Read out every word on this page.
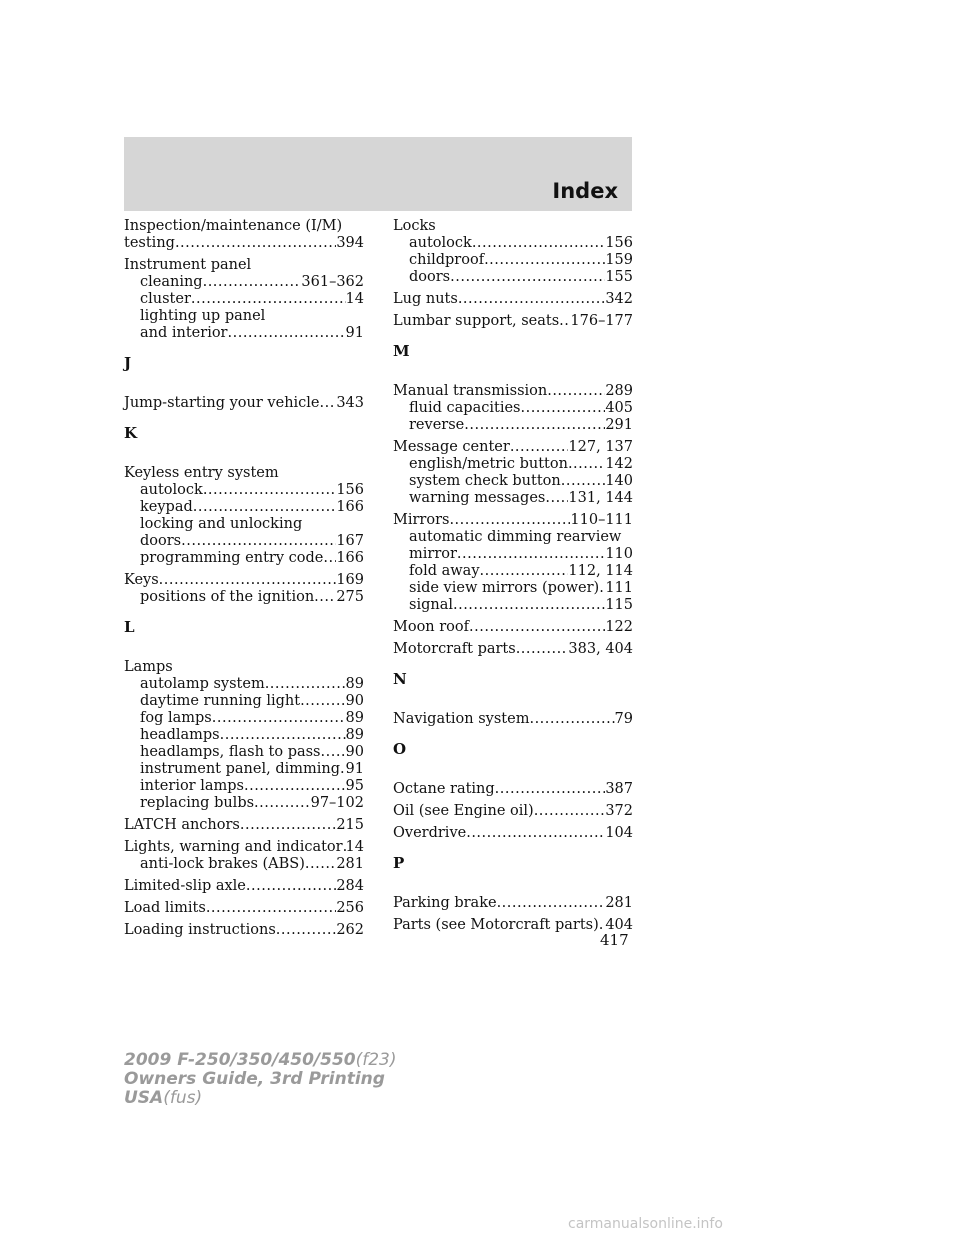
Index
Inspection/maintenance (I/M)
testing .....	394
Instrument panel
cleaning .....	361–362
cluster .....	14
lighting up panel
and interior .....	91
J
Jump-starting your vehicle ..... 343
K
Keyless entry system
autolock .....	156
keypad .....	166
locking and unlocking
doors .....	167
programming entry code ..... 166
Keys .....	169
positions of the ignition ..... 275
L
Lamps
autolamp system .....	89
daytime running light .....	90
fog lamps .....	89
headlamps .....	89
headlamps, flash to pass ..... 90
instrument panel, dimming ..... 91
interior lamps .....	95
replacing bulbs .....	97–102
LATCH anchors .....	215
Lights, warning and indicator ..... 14
anti-lock brakes (ABS) ..... 281
Limited-slip axle .....	284
Load limits .....	256
Loading instructions .....	262
Locks
autolock .....	156
childproof .....	159
doors .....	155
Lug nuts .....	342
Lumbar support, seats ..... 176–177
M
Manual transmission .....	289
fluid capacities .....	405
reverse .....	291
Message center .....	127, 137
english/metric button .....	142
system check button .....	140
warning messages ..... 131, 144
Mirrors .....	110–111
automatic dimming rearview
mirror .....	110
fold away .....	112, 114
side view mirrors (power) ..... 111
signal .....	115
Moon roof .....	122
Motorcraft parts .....	383, 404
N
Navigation system .....	79
O
Octane rating .....	387
Oil (see Engine oil) .....	372
Overdrive .....	104
P
Parking brake .....	281
Parts (see Motorcraft parts) ..... 404
417
2009 F-250/350/450/550(f23)
Owners Guide, 3rd Printing
USA(fus)
carmanualsonline.info
